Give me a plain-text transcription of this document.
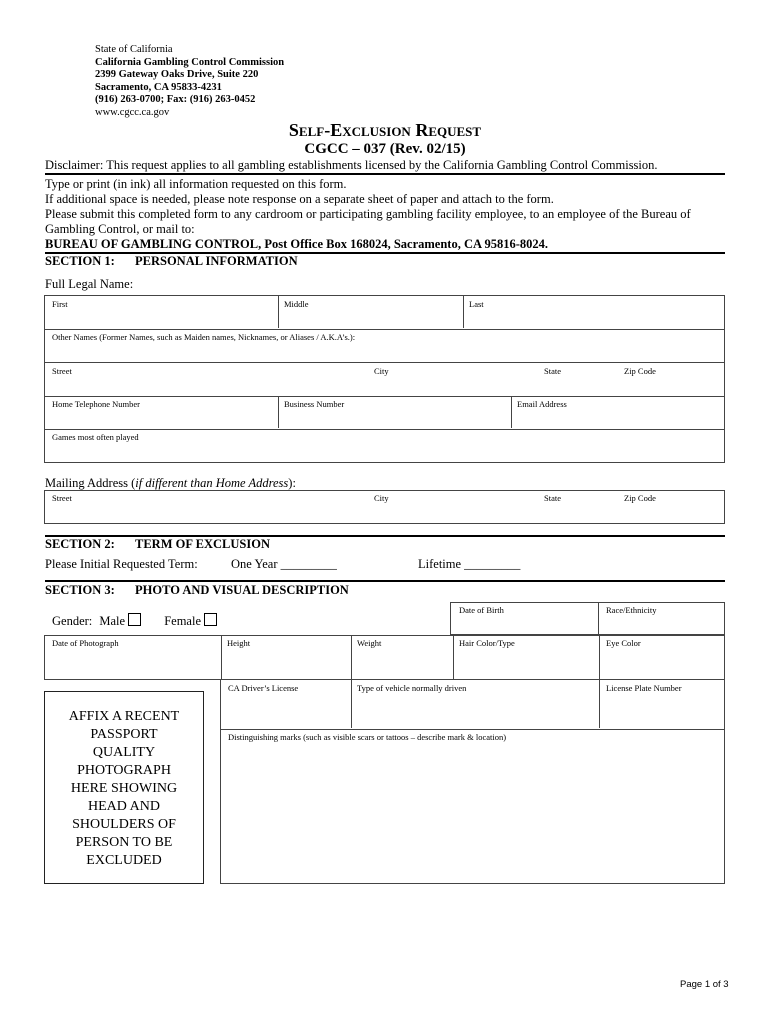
State of California
California Gambling Control Commission
2399 Gateway Oaks Drive, Suite 220
Sacramento, CA 95833-4231
(916) 263-0700; Fax: (916) 263-0452
www.cgcc.ca.gov
Self-Exclusion Request
CGCC – 037 (Rev. 02/15)
Disclaimer: This request applies to all gambling establishments licensed by the California Gambling Control Commission.
Type or print (in ink) all information requested on this form.
If additional space is needed, please note response on a separate sheet of paper and attach to the form.
Please submit this completed form to any cardroom or participating gambling facility employee, to an employee of the Bureau of Gambling Control, or mail to:
BUREAU OF GAMBLING CONTROL, Post Office Box 168024, Sacramento, CA 95816-8024.
SECTION 1: PERSONAL INFORMATION
Full Legal Name:
First	Middle	Last
Other Names (Former Names, such as Maiden names, Nicknames, or Aliases / A.K.A’s.):
Street	City	State	Zip Code
Home Telephone Number	Business Number	Email Address
Games most often played
Mailing Address (if different than Home Address):
Street	City	State	Zip Code
SECTION 2: TERM OF EXCLUSION
Please Initial Requested Term:	One Year _________	Lifetime _________
SECTION 3: PHOTO AND VISUAL DESCRIPTION
Gender: Male	Female
Date of Birth	Race/Ethnicity
Date of Photograph	Height	Weight	Hair Color/Type	Eye Color
CA Driver’s License	Type of vehicle normally driven	License Plate Number
Distinguishing marks (such as visible scars or tattoos – describe mark & location)
AFFIX A RECENT
PASSPORT
QUALITY
PHOTOGRAPH
HERE SHOWING
HEAD AND
SHOULDERS OF
PERSON TO BE
EXCLUDED
Page 1 of 3
